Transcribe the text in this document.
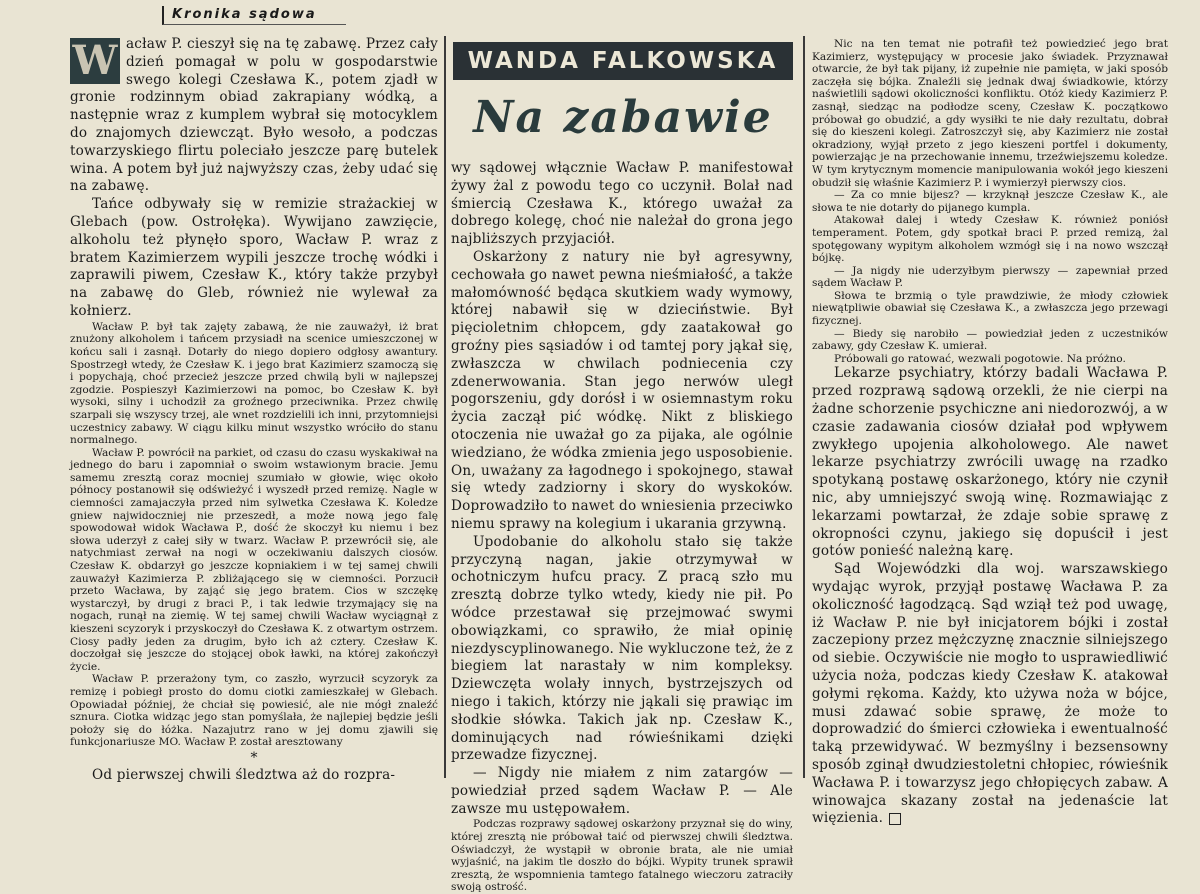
Kronika sądowa
WANDA FALKOWSKA
Na zabawie

W acław P. cieszył się na tę zabawę. Przez cały dzień pomagał w polu w gospodarstwie swego kolegi Czesława K., potem zjadł w gronie rodzinnym obiad zakrapiany wódką, a następnie wraz z kumplem wybrał się motocyklem do znajomych dziewcząt. Było wesoło, a podczas towarzyskiego flirtu poleciało jeszcze parę butelek wina. A potem był już najwyższy czas, żeby udać się na zabawę.

Tańce odbywały się w remizie strażackiej w Glebach (pow. Ostrołęka). Wywijano zawzięcie, alkoholu też płynęło sporo, Wacław P. wraz z bratem Kazimierzem wypili jeszcze trochę wódki i zaprawili piwem, Czesław K., który także przybył na zabawę do Gleb, również nie wylewał za kołnierz.

Wacław P. był tak zajęty zabawą, że nie zauważył, iż brat znużony alkoholem i tańcem przysiadł na scenice umieszczonej w końcu sali i zasnął. Dotarły do niego dopiero odgłosy awantury. Spostrzegł wtedy, że Czesław K. i jego brat Kazimierz szamoczą się i popychają, choć przecież jeszcze przed chwilą byli w najlepszej zgodzie. Pospieszył Kazimierzowi na pomoc, bo Czesław K. był wysoki, silny i uchodził za groźnego przeciwnika. Przez chwilę szarpali się wszyscy trzej, ale wnet rozdzielili ich inni, przytomniejsi uczestnicy zabawy. W ciągu kilku minut wszystko wróciło do stanu normalnego.

Wacław P. powrócił na parkiet, od czasu do czasu wyskakiwał na jednego do baru i zapomniał o swoim wstawionym bracie. Jemu samemu zresztą coraz mocniej szumiało w głowie, więc około północy postanowił się odświeżyć i wyszedł przed remizę. Nagle w ciemności zamajaczyła przed nim sylwetka Czesława K. Koledze gniew najwidoczniej nie przeszedł, a może nową jego falę spowodował widok Wacława P., dość że skoczył ku niemu i bez słowa uderzył z całej siły w twarz. Wacław P. przewrócił się, ale natychmiast zerwał na nogi w oczekiwaniu dalszych ciosów. Czesław K. obdarzył go jeszcze kopniakiem i w tej samej chwili zauważył Kazimierza P. zbliżającego się w ciemności. Porzucił przeto Wacława, by zająć się jego bratem. Cios w szczękę wystarczył, by drugi z braci P., i tak ledwie trzymający się na nogach, runął na ziemię. W tej samej chwili Wacław wyciągnął z kieszeni scyzoryk i przyskoczył do Czesława K. z otwartym ostrzem. Ciosy padły jeden za drugim, było ich aż cztery. Czesław K. doczołgał się jeszcze do stojącej obok ławki, na której zakończył życie.

Wacław P. przerażony tym, co zaszło, wyrzucił scyzoryk za remizę i pobiegł prosto do domu ciotki zamieszkałej w Glebach. Opowiadał później, że chciał się powiesić, ale nie mógł znaleźć sznura. Ciotka widząc jego stan pomyślała, że najlepiej będzie jeśli położy się do łóżka. Nazajutrz rano w jej domu zjawili się funkcjonariusze MO. Wacław P. został aresztowany

*

Od pierwszej chwili śledztwa aż do rozpra-

wy sądowej włącznie Wacław P. manifestował żywy żal z powodu tego co uczynił. Bolał nad śmiercią Czesława K., którego uważał za dobrego kolegę, choć nie należał do grona jego najbliższych przyjaciół.

Oskarżony z natury nie był agresywny, cechowała go nawet pewna nieśmiałość, a także małomówność będąca skutkiem wady wymowy, której nabawił się w dzieciństwie. Był pięcioletnim chłopcem, gdy zaatakował go groźny pies sąsiadów i od tamtej pory jąkał się, zwłaszcza w chwilach podniecenia czy zdenerwowania. Stan jego nerwów uległ pogorszeniu, gdy dorósł i w osiemnastym roku życia zaczął pić wódkę. Nikt z bliskiego otoczenia nie uważał go za pijaka, ale ogólnie wiedziano, że wódka zmienia jego usposobienie. On, uważany za łagodnego i spokojnego, stawał się wtedy zadziorny i skory do wyskoków. Doprowadziło to nawet do wniesienia przeciwko niemu sprawy na kolegium i ukarania grzywną.

Upodobanie do alkoholu stało się także przyczyną nagan, jakie otrzymywał w ochotniczym hufcu pracy. Z pracą szło mu zresztą dobrze tylko wtedy, kiedy nie pił. Po wódce przestawał się przejmować swymi obowiązkami, co sprawiło, że miał opinię niezdyscyplinowanego. Nie wykluczone też, że z biegiem lat narastały w nim kompleksy. Dziewczęta wolały innych, bystrzejszych od niego i takich, którzy nie jąkali się prawiąc im słodkie słówka. Takich jak np. Czesław K., dominujących nad rówieśnikami dzięki przewadze fizycznej.

— Nigdy nie miałem z nim zatargów — powiedział przed sądem Wacław P. — Ale zawsze mu ustępowałem.

Podczas rozprawy sądowej oskarżony przyznał się do winy, której zresztą nie próbował taić od pierwszej chwili śledztwa. Oświadczył, że wystąpił w obronie brata, ale nie umiał wyjaśnić, na jakim tle doszło do bójki. Wypity trunek sprawił zresztą, że wspomnienia tamtego fatalnego wieczoru zatraciły swoją ostrość.

Nic na ten temat nie potrafił też powiedzieć jego brat Kazimierz, występujący w procesie jako świadek. Przyznawał otwarcie, że był tak pijany, iż zupełnie nie pamięta, w jaki sposób zaczęła się bójka. Znaleźli się jednak dwaj świadkowie, którzy naświetlili sądowi okoliczności konfliktu. Otóż kiedy Kazimierz P. zasnął, siedząc na podłodze sceny, Czesław K. początkowo próbował go obudzić, a gdy wysiłki te nie dały rezultatu, dobrał się do kieszeni kolegi. Zatroszczył się, aby Kazimierz nie został okradziony, wyjął przeto z jego kieszeni portfel i dokumenty, powierzając je na przechowanie innemu, trzeźwiejszemu koledze. W tym krytycznym momencie manipulowania wokół jego kieszeni obudził się właśnie Kazimierz P. i wymierzył pierwszy cios.

— Za co mnie bijesz? — krzyknął jeszcze Czesław K., ale słowa te nie dotarły do pijanego kumpla.

Atakował dalej i wtedy Czesław K. również poniósł temperament. Potem, gdy spotkał braci P. przed remizą, żal spotęgowany wypitym alkoholem wzmógł się i na nowo wszczął bójkę.

— Ja nigdy nie uderzyłbym pierwszy — zapewniał przed sądem Wacław P.

Słowa te brzmią o tyle prawdziwie, że młody człowiek niewątpliwie obawiał się Czesława K., a zwłaszcza jego przewagi fizycznej.

— Biedy się narobiło — powiedział jeden z uczestników zabawy, gdy Czesław K. umierał.

Próbowali go ratować, wezwali pogotowie. Na próżno.

Lekarze psychiatry, którzy badali Wacława P. przed rozprawą sądową orzekli, że nie cierpi na żadne schorzenie psychiczne ani niedorozwój, a w czasie zadawania ciosów działał pod wpływem zwykłego upojenia alkoholowego. Ale nawet lekarze psychiatrzy zwrócili uwagę na rzadko spotykaną postawę oskarżonego, który nie czynił nic, aby umniejszyć swoją winę. Rozmawiając z lekarzami powtarzał, że zdaje sobie sprawę z okropności czynu, jakiego się dopuścił i jest gotów ponieść należną karę.

Sąd Wojewódzki dla woj. warszawskiego wydając wyrok, przyjął postawę Wacława P. za okoliczność łagodzącą. Sąd wziął też pod uwagę, iż Wacław P. nie był inicjatorem bójki i został zaczepiony przez mężczyznę znacznie silniejszego od siebie. Oczywiście nie mogło to usprawiedliwić użycia noża, podczas kiedy Czesław K. atakował gołymi rękoma. Każdy, kto używa noża w bójce, musi zdawać sobie sprawę, że może to doprowadzić do śmierci człowieka i ewentualność taką przewidywać. W bezmyślny i bezsensowny sposób zginął dwudziestoletni chłopiec, rówieśnik Wacława P. i towarzysz jego chłopięcych zabaw. A winowajca skazany został na jedenaście lat więzienia.
